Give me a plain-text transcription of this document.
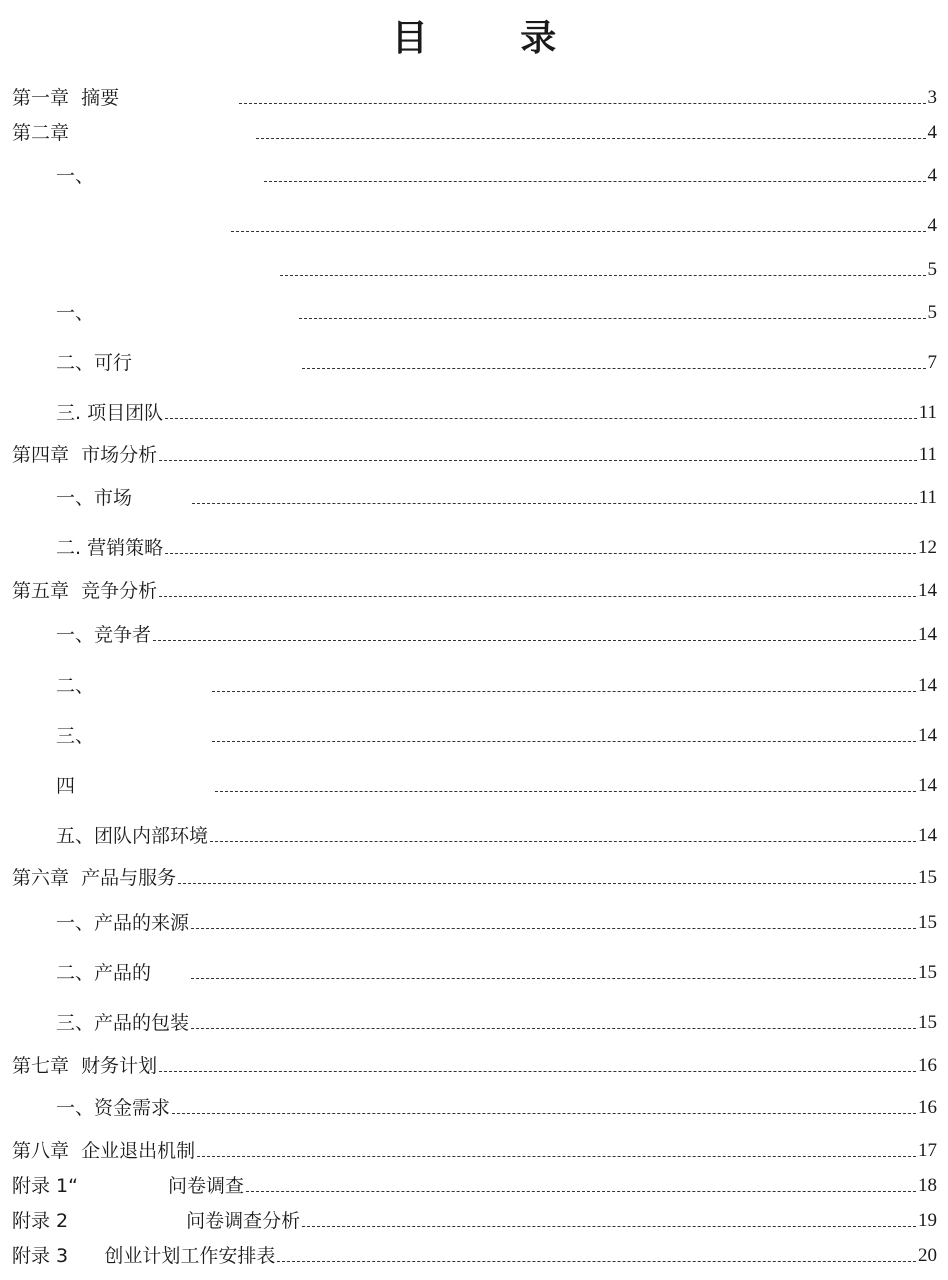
目 录
第一章  摘要	3
第二章	4
一、	4
4
5
一、	5
二、可行	7
三. 项目团队	11
第四章  市场分析	11
一、市场	11
二. 营销策略	12
第五章  竞争分析	14
一、竞争者	14
二、	14
三、	14
四	14
五、团队内部环境	14
第六章  产品与服务	15
一、产品的来源	15
二、产品的	15
三、产品的包装	15
第七章  财务计划	16
一、资金需求	16
第八章  企业退出机制	17
附录 1“	问卷调查	18
附录 2	问卷调查分析	19
附录 3      创业计划工作安排表	20
